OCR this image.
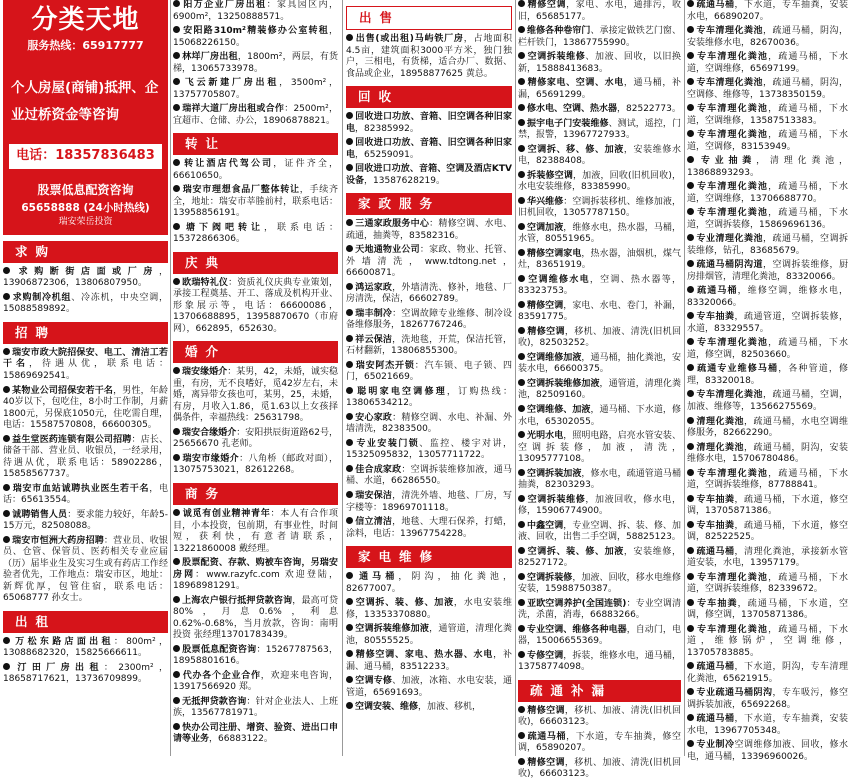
分类天地
服务热线：65917777
个人房屋(商铺)抵押、企业过桥资金等咨询
电话：18357836483
股票低息配资咨询
65658888 (24小时热线)
瑞安荣岳投资
求购
求购断街店面或厂房，13906872306，13806807950。
求购制冷机组、冷冻机，中央空调，15088589892。
招聘
瑞安市政大院招保安、电工、清洁工若干名，待遇从优，联系电话：15869692541。
某物业公司招保安若干名，男性，年龄40岁以下，包吃住，8小时工作制，月薪1800元，另保底1050元，住吃需自理，电话：15587570808，66600305。
益生堂医药连锁有限公司招聘：店长、储备干部、营业员、收银员，一经录用，待遇从优，联系电话：58902286，15858567737。
瑞安市血站诚聘执业医生若干名，电话：65613554。
诚聘销售人员：要求能力较好，年龄5-15万元，82508088。
瑞安市恒洲大药房招聘：营业员、收银员、仓管、保管员、医药相关专业应届（历）届毕业生及实习生或有药店工作经验者优先，工作地点：瑞安市区，地址：新辉优厚，包管住宿，联系电话：65068777 孙女士。
出租
万松东路店面出租：800m²，13088682320，15825666611。
汀田厂房出租：2300m²，18658717621，13736709899。
阳万企业厂房出租：家具园区内，6900m²，13250888571。
安阳路310m²精装修办公室转租，15068226150。
林垟厂房出租，1800m²，两层，有货梯，13065733978。
飞云新建厂房出租，3500m²，13757705807。
瑞祥大道厂房出租或合作：2500m²，宜超市、仓储、办公，18906878821。
转让
转让酒店代驾公司，证件齐全，66610650。
瑞安市理想食品厂整体转让，手续齐全，地址：瑞安市莘塍前村，联系电话：13958856191。
塘下阀吧转让，联系电话：15372866306。
庆典
欧瑞特礼仪：资质礼仪庆典专业策划，承接工程奠基、开工、落成及机构开业、形象展示等，电话：66600086，13706688895，13958870670（市府网），662895，652630。
婚介
瑞安缘婚介：某男，42，未婚，诚实稳重，有房，无不良嗜好，觅42岁左右，未婚，离异带女孩也可，某男，25，未婚，有房，月收入1.86，觅1.63以上女孩择偶条件，幸福热线：25631798。
瑞安合缘婚介：安阳拱辰街道路62号，25656670 孔老师。
瑞安市缘婚介：八角桥（邮政对面），13075753021，82612268。
商务
诚觅有创业精神青年：本人有合作项目，小本投资，包前期，有事业性，时间短，获利快，有意者请联系，13221860008 戴经理。
股票配资、存款、购被车咨询，另瑞安房网：www.razyfc.com 欢迎登陆，18968981291。
上海农户银行抵押贷款咨询，最高可贷80%，月息0.6%，利息0.62%-0.68%，当月放款，咨询：南明投资 张经理13701783439。
股票低息配资咨询：15267787563，18958801616。
代办各个企业合作，欢迎来电咨询，13917566920 郑。
无抵押贷款咨询：针对企业法人、上班族，13567781971。
快办公司注册、增资、验资、进出口申请等业务，66883122。
出售
出售(或出租)马屿铁厂房，占地面积4.5亩，建筑面积3000平方米，独门独户，三相电，有货梯，适合办厂、数据、食品或企业，18958877625 黄总。
回收
回收进口功放、音箱、旧空调各种旧家电，82385992。
回收进口功放、音箱、旧空调各种旧家电，65259091。
回收进口功放、音箱、空调及酒店KTV设备，13587628219。
家政服务
三通家政服务中心：精修空调、水电、疏通，抽粪等，83582316。
天地通物业公司：家政、物业、托管、外墙清洗，www.tdtong.net，66600871。
鸿运家政，外墙清洗、修补，地毯、厂房清洗，保洁，66602789。
瑞丰制冷：空调故障专业维修、制冷设备维修服务，18267767246。
祥云保洁，洗地毯，开荒，保洁托管，石材翻新，13806855300。
瑞安阿杰开锁：汽车锁、电子锁、四门，65021669。
聪明家电空调修理，订购热线：13806534212。
安心家政：精修空调、水电、补漏、外墙清洗，82383500。
专业安装门锁、监控、楼宇对讲，15325095832，13057711722。
佳合成家政：空调拆装维修加液，通马桶、水道，66286550。
瑞安保洁，清洗外墙、地毯、厂房，写字楼等：18969701118。
信立清洁，地毯、大理石保养，打蜡，涂料，电话：13967754228。
家电维修
通马桶，阴沟，抽化粪池，82677007。
空调拆、装、修、加液，水电安装维修，13353370880。
空调拆装维修加液，通管道，清理化粪池，80555525。
精修空调、家电、热水器、水电，补漏、通马桶，83512233。
空调专修、加液，冰箱、水电安装，通管道，65691693。
空调安装、维修，加液、移机，
精修空调，家电、水电，通排污，收旧，65685177。
维修各种卷帘门、承接定做铁艺门窗、栏杆铁门，13867755990。
空调拆装维修、加液、回收，以旧换新，15888413683。
精修家电、空调、水电，通马桶，补漏，65691299。
修水电、空调、热水器，82522773。
振宇电子门安装维修、测试，遥控，门禁，报警，13967727933。
空调拆、移、修、加液，安装维修水电，82388408。
拆装修空调，加液，回收(旧机回收)，水电安装维修，83385990。
华兴维修：空调拆装移机、维修加液，旧机回收，13057787150。
空调加液，维修水电，热水器，马桶，水管，80551965。
精修空调家电，热水器，油烟机，煤气灶，83651919。
空调维修水电，空调、热水器等，83323753。
精修空调，家电、水电、卷门，补漏，83591775。
精修空调，移机、加液、清洗(旧机回收)，82503252。
空调维修加液，通马桶，抽化粪池，安装水电，66600375。
空调拆装维修加液，通管道，清理化粪池，82509160。
空调维修、加液，通马桶、下水道，修水电，65302055。
光明水电，照明电路，启亮水管安装、空调拆装修，加液，清洗，13095777108。
空调拆装加液，修水电，疏通管道马桶抽粪，82303293。
空调拆装维修，加液回收，修水电，修，15906774900。
中鑫空调，专业空调、拆、装、修、加液、回收，出售二手空调，58825123。
空调拆、装、修、加液，安装维修，82527172。
空调拆装修，加液、回收，移水电维修安装，15988750387。
亚欧空调养护(全国连锁)：专业空调清洗，杀菌，消毒，66883266。
专业空调、维修各种电器，自动门，电器，15006655369。
专修空调，拆装，维修水电，通马桶，13758774098。
疏通补漏
精修空调，移机、加液、清洗(旧机回收)，66603123。
疏通马桶，下水道，专车抽粪，修空调，65890207。
精修空调，移机、加液、清洗(旧机回收)，66603123。
疏通马桶，下水道，专车抽粪，安装水电，66890207。
专车清理化粪池，疏通马桶，阴沟，安装维修水电，82670036。
专车清理化粪池，疏通马桶，下水道，空调维修，65697199。
专车清理化粪池，疏通马桶，阴沟，空调修、维修等，13738350159。
专车清理化粪池，疏通马桶，下水道，空调维修，13587513383。
专车清理化粪池，疏通马桶，下水道，空调修，83153949。
专业抽粪，清理化粪池，13868893293。
专车清理化粪池，疏通马桶，下水道，空调维修，13706688770。
专车清理化粪池，疏通马桶，下水道，空调拆装修，15869696136。
专业清理化粪池，疏通马桶，空调拆装维修，钻孔，83685679。
疏通马桶阴沟道，空调拆装维修，厨房排烟管，清理化粪池，83320066。
疏通马桶，维修空调，维修水电，83320066。
专车抽粪，疏通管道，空调拆装修，水道，83329557。
专车清理化粪池，疏通马桶，下水道，修空调，82503660。
疏通专业维修马桶，各种管道，修理，83320018。
专车清理化粪池，疏通马桶，空调，加液、维修等，13566275569。
清理化粪池，疏通马桶，水电空调维修服务，82662290。
清理化粪池，疏通马桶，阴沟，安装维修水电，15706780486。
专车清理化粪池，疏通马桶，下水道，空调拆装维修，87788841。
专车抽粪，疏通马桶，下水道，修空调，13705871386。
专车抽粪，疏通马桶，下水道，修空调，82522525。
疏通马桶，清理化粪池，承接新水管道安装，水电，13957179。
专车清理化粪池，疏通马桶，下水道，空调拆装维修，82339672。
专车抽粪，疏通马桶，下水道，空调，修空调，13705871386。
专车清理化粪池，疏通马桶，下水道，维修锅炉，空调维修，13705783885。
疏通马桶，下水道，阴沟，专车清理化粪池，65621915。
专业疏通马桶阴沟，专车吸污，修空调拆装加液，65692268。
疏通马桶，下水道，专车抽粪，安装水电，13967705348。
专业制冷空调维修加液、回收，修水电，通马桶，13396960026。
